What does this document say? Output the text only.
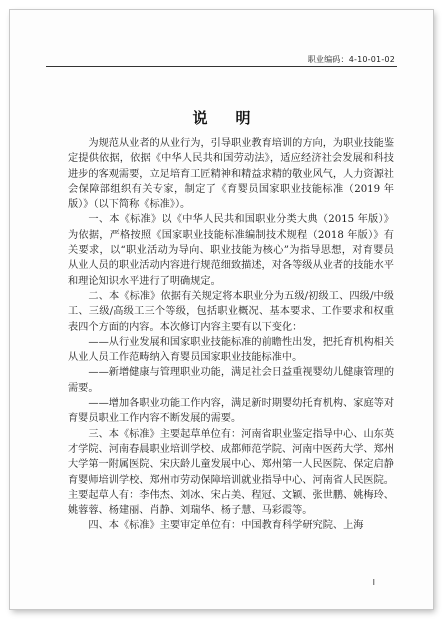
职业编码：4-10-01-02
说明

为规范从业者的从业行为，引导职业教育培训的方向，为职业技能鉴定提供依据，依据《中华人民共和国劳动法》，适应经济社会发展和科技进步的客观需要，立足培育工匠精神和精益求精的敬业风气，人力资源社会保障部组织有关专家，制定了《育婴员国家职业技能标准（2019 年版）》（以下简称《标准》）。

一、本《标准》以《中华人民共和国职业分类大典（2015 年版）》为依据，严格按照《国家职业技能标准编制技术规程（2018 年版）》有关要求，以“职业活动为导向、职业技能为核心”为指导思想，对育婴员从业人员的职业活动内容进行规范细致描述，对各等级从业者的技能水平和理论知识水平进行了明确规定。

二、本《标准》依据有关规定将本职业分为五级/初级工、四级/中级工、三级/高级工三个等级，包括职业概况、基本要求、工作要求和权重表四个方面的内容。本次修订内容主要有以下变化：

——从行业发展和国家职业技能标准的前瞻性出发，把托育机构相关从业人员工作范畴纳入育婴员国家职业技能标准中。

——新增健康与管理职业功能，满足社会日益重视婴幼儿健康管理的需要。

——增加各职业功能工作内容，满足新时期婴幼托育机构、家庭等对育婴员职业工作内容不断发展的需要。

三、本《标准》主要起草单位有：河南省职业鉴定指导中心、山东英才学院、河南春晨职业培训学校、成都师范学院、河南中医药大学、郑州大学第一附属医院、宋庆龄儿童发展中心、郑州第一人民医院、保定启静育婴师培训学校、郑州市劳动保障培训就业指导中心、河南省人民医院。主要起草人有：李伟杰、刘冰、宋占美、程冠、文颖、张世鹏、姚梅玲、姚蓉蓉、杨建丽、肖静、刘瑞华、杨子慧、马彩霞等。

四、本《标准》主要审定单位有：中国教育科学研究院、上海

I
